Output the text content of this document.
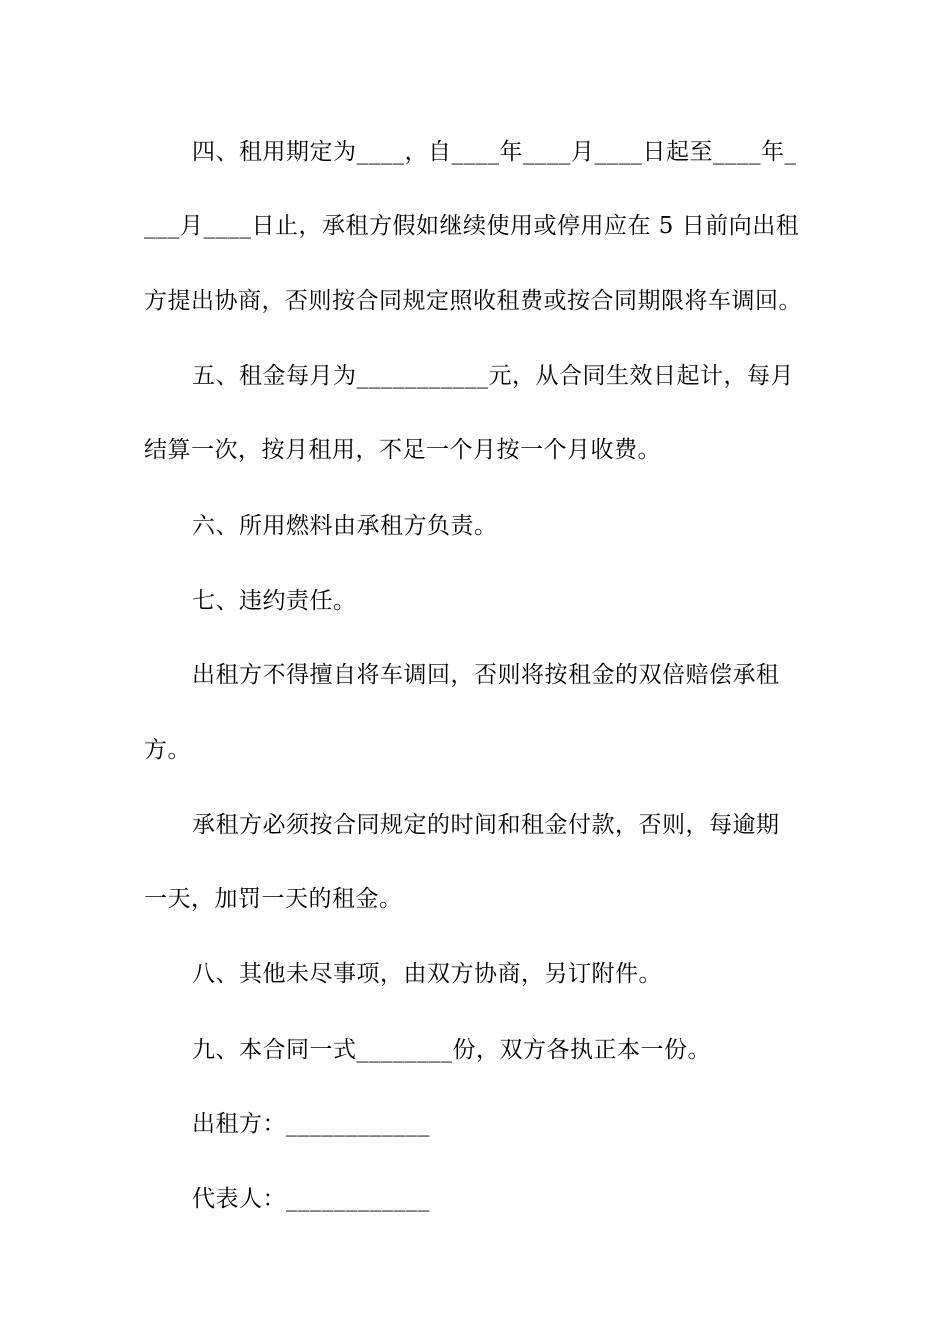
四、租用期定为____，自____年____月____日起至____年_
___月____日止，承租方假如继续使用或停用应在 5 日前向出租
方提出协商，否则按合同规定照收租费或按合同期限将车调回。
五、租金每月为___________元，从合同生效日起计，每月
结算一次，按月租用，不足一个月按一个月收费。
六、所用燃料由承租方负责。
七、违约责任。
出租方不得擅自将车调回，否则将按租金的双倍赔偿承租
方。
承租方必须按合同规定的时间和租金付款，否则，每逾期
一天，加罚一天的租金。
八、其他未尽事项，由双方协商，另订附件。
九、本合同一式________份，双方各执正本一份。
出租方：____________
代表人：____________
